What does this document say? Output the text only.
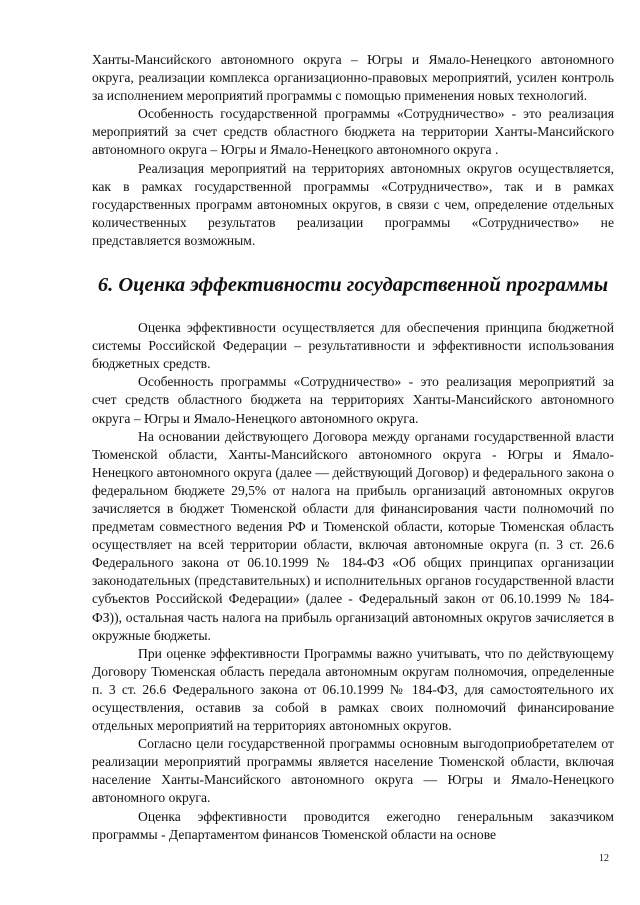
Ханты-Мансийского автономного округа – Югры и Ямало-Ненецкого автономного округа, реализации комплекса организационно-правовых мероприятий, усилен контроль за исполнением мероприятий программы с помощью применения новых технологий.

Особенность государственной программы «Сотрудничество» - это реализация мероприятий за счет средств областного бюджета на территории Ханты-Мансийского автономного округа – Югры и Ямало-Ненецкого автономного округа .

Реализация мероприятий на территориях автономных округов осуществляется, как в рамках государственной программы «Сотрудничество», так и в рамках государственных программ автономных округов, в связи с чем, определение отдельных количественных результатов реализации программы «Сотрудничество» не представляется возможным.

6. Оценка эффективности государственной программы

Оценка эффективности осуществляется для обеспечения принципа бюджетной системы Российской Федерации – результативности и эффективности использования бюджетных средств.

Особенность программы «Сотрудничество» - это реализация мероприятий за счет средств областного бюджета на территориях Ханты-Мансийского автономного округа – Югры и Ямало-Ненецкого автономного округа.

На основании действующего Договора между органами государственной власти Тюменской области, Ханты-Мансийского автономного округа - Югры и Ямало-Ненецкого автономного округа (далее — действующий Договор) и федерального закона о федеральном бюджете 29,5% от налога на прибыль организаций автономных округов зачисляется в бюджет Тюменской области для финансирования части полномочий по предметам совместного ведения РФ и Тюменской области, которые Тюменская область осуществляет на всей территории области, включая автономные округа (п. 3 ст. 26.6 Федерального закона от 06.10.1999 № 184-ФЗ «Об общих принципах организации законодательных (представительных) и исполнительных органов государственной власти субъектов Российской Федерации» (далее - Федеральный закон от 06.10.1999 № 184-ФЗ)), остальная часть налога на прибыль организаций автономных округов зачисляется в окружные бюджеты.

При оценке эффективности Программы важно учитывать, что по действующему Договору Тюменская область передала автономным округам полномочия, определенные п. 3 ст. 26.6 Федерального закона от 06.10.1999 № 184-ФЗ, для самостоятельного их осуществления, оставив за собой в рамках своих полномочий финансирование отдельных мероприятий на территориях автономных округов.

Согласно цели государственной программы основным выгодоприобретателем от реализации мероприятий программы является население Тюменской области, включая население Ханты-Мансийского автономного округа — Югры и Ямало-Ненецкого автономного округа.

Оценка эффективности проводится ежегодно генеральным заказчиком программы - Департаментом финансов Тюменской области на основе

12
